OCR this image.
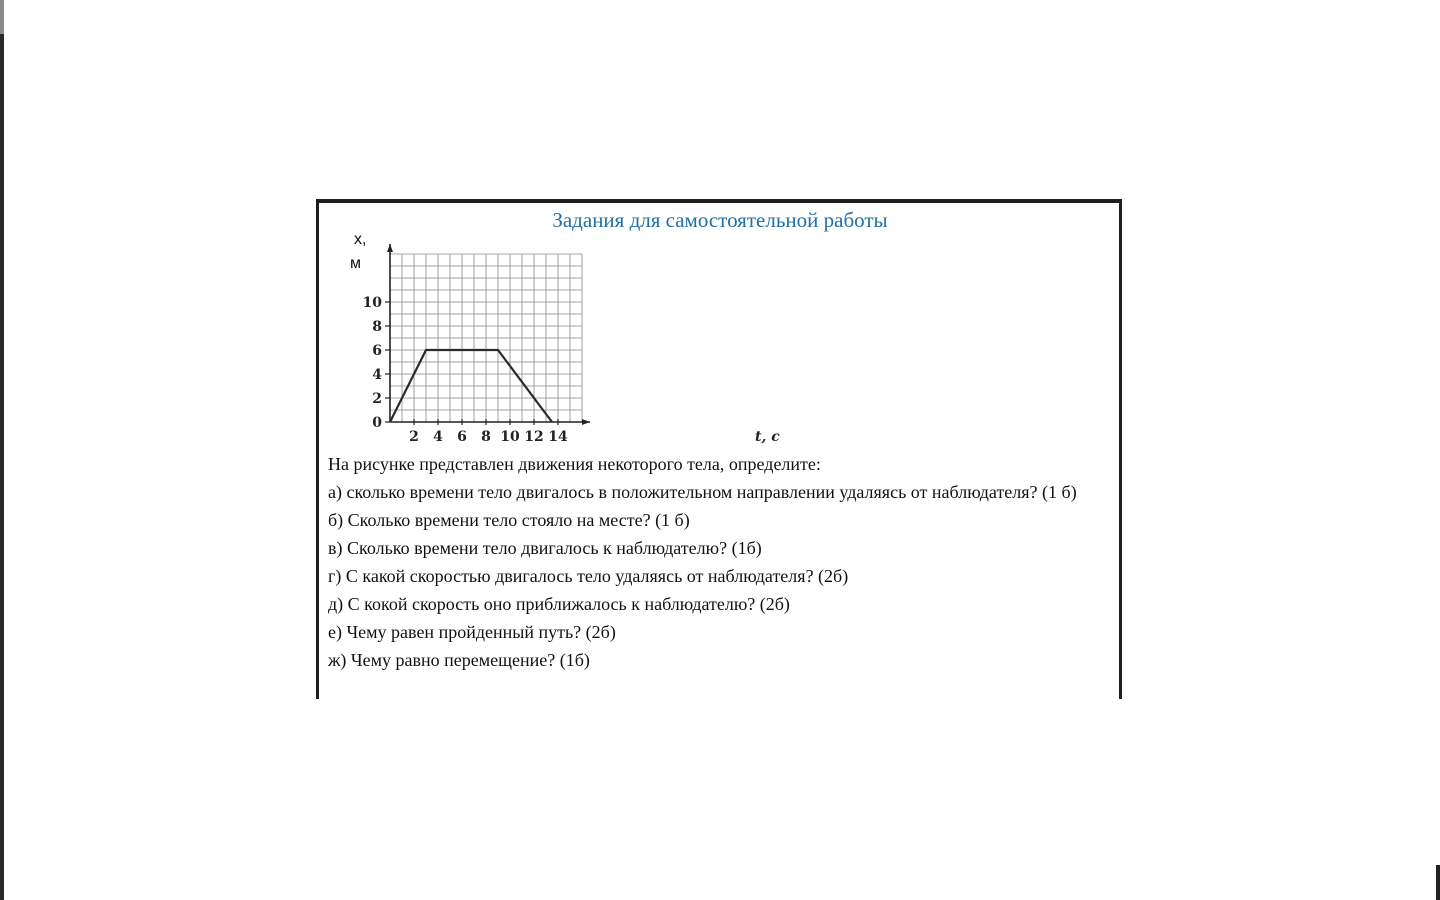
Задания для самостоятельной работы
0
2
4
6
8
10
2 4 6 8 10 12 14
x,
м
t, с

На рисунке представлен движения некоторого тела, определите:

а) сколько времени тело двигалось в положительном направлении удаляясь от наблюдателя? (1 б)

б) Сколько времени тело стояло на месте? (1 б)

в) Сколько времени тело двигалось к наблюдателю? (1б)

г) С какой скоростью двигалось тело удаляясь от наблюдателя? (2б)

д) С кокой скорость оно приближалось к наблюдателю? (2б)

е) Чему равен пройденный путь? (2б)

ж) Чему равно перемещение? (1б)
